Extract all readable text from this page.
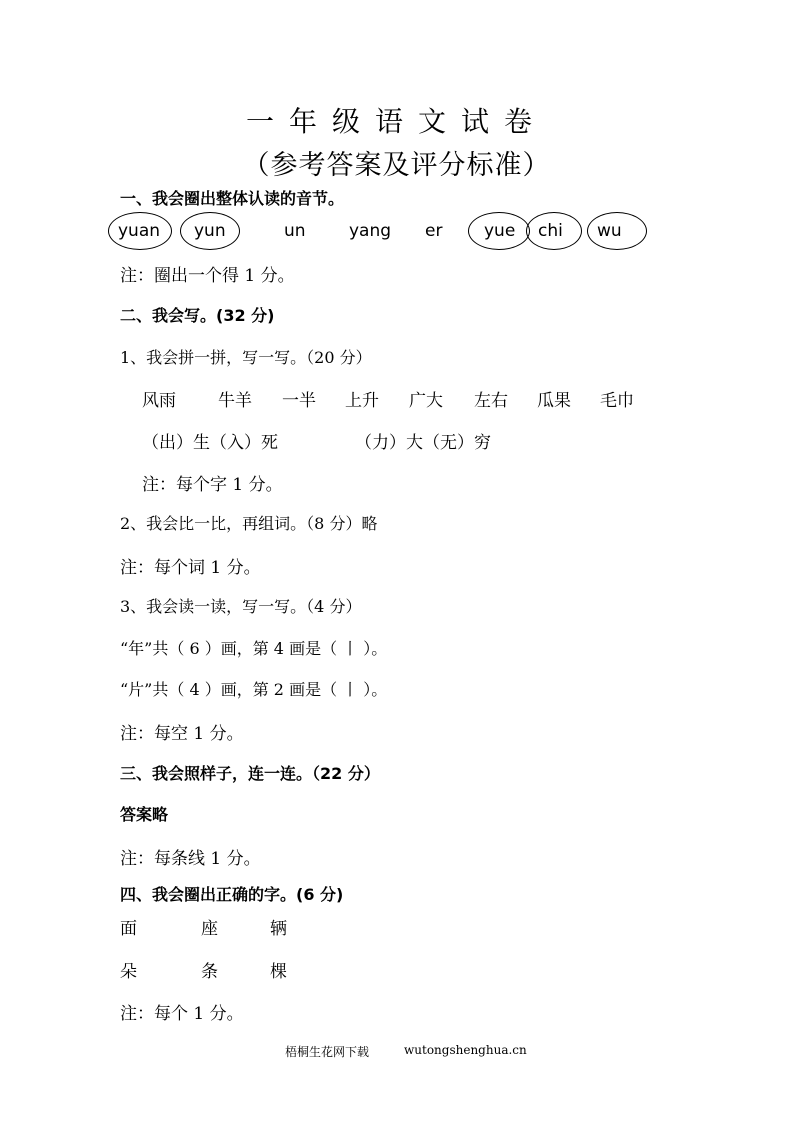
一年级语文试卷
（参考答案及评分标准）
一、我会圈出整体认读的音节。
yuan yun	un	yang er yue chi wu
注：圈出一个得 1 分。
二、我会写。(32 分)
1、我会拼一拼，写一写。（20 分）
风雨 牛羊 一半 上升 广大 左右 瓜果 毛巾
（出）生（入）死	（力）大（无）穷
注：每个字 1 分。
2、我会比一比，再组词。（8 分）略
注：每个词 1 分。
3、我会读一读，写一写。（4 分）
“年”共（ 6 ）画，第 4 画是（ 丨 ）。
“片”共（ 4 ）画，第 2 画是（ 丨 ）。
注：每空 1 分。
三、我会照样子，连一连。（22 分）
答案略
注：每条线 1 分。
四、我会圈出正确的字。(6 分)
面	座	辆
朵	条	棵
注：每个 1 分。
梧桐生花网下载	wutongshenghua.cn
